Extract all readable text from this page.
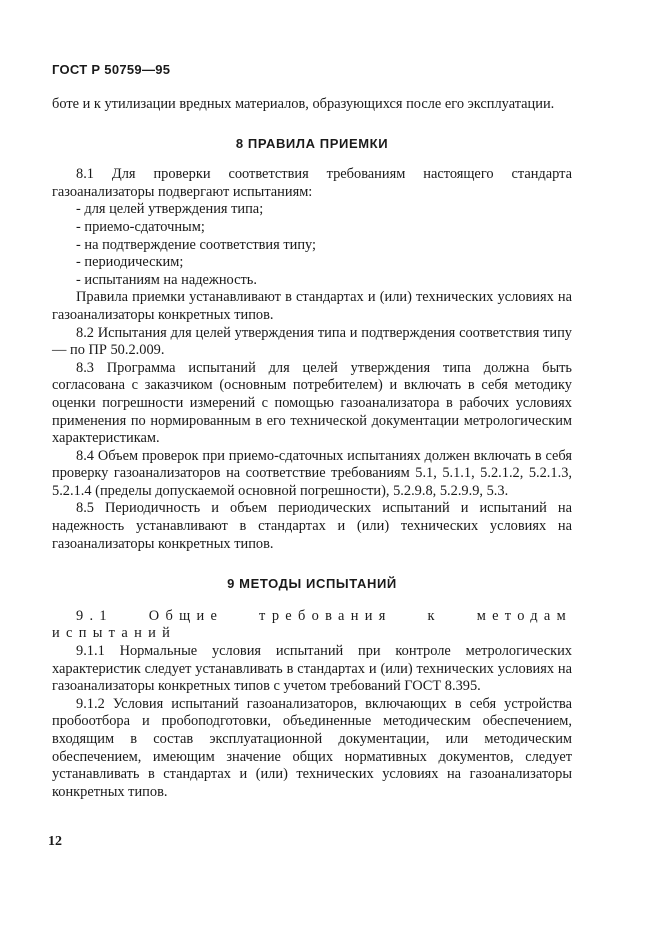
ГОСТ Р 50759—95

боте и к утилизации вредных материалов, образующихся после его эксплуатации.

8 ПРАВИЛА ПРИЕМКИ

8.1 Для проверки соответствия требованиям настоящего стандарта газоанализаторы подвергают испытаниям:

- для целей утверждения типа;

- приемо-сдаточным;

- на подтверждение соответствия типу;

- периодическим;

- испытаниям на надежность.

Правила приемки устанавливают в стандартах и (или) технических условиях на газоанализаторы конкретных типов.

8.2 Испытания для целей утверждения типа и подтверждения соответствия типу — по ПР 50.2.009.

8.3 Программа испытаний для целей утверждения типа должна быть согласована с заказчиком (основным потребителем) и включать в себя методику оценки погрешности измерений с помощью газоанализатора в рабочих условиях применения по нормированным в его технической документации метрологическим характеристикам.

8.4 Объем проверок при приемо-сдаточных испытаниях должен включать в себя проверку газоанализаторов на соответствие требованиям 5.1, 5.1.1, 5.2.1.2, 5.2.1.3, 5.2.1.4 (пределы допускаемой основной погрешности), 5.2.9.8, 5.2.9.9, 5.3.

8.5 Периодичность и объем периодических испытаний и испытаний на надежность устанавливают в стандартах и (или) технических условиях на газоанализаторы конкретных типов.

9 МЕТОДЫ ИСПЫТАНИЙ

9.1 Общие требования к методам испытаний

9.1.1 Нормальные условия испытаний при контроле метрологических характеристик следует устанавливать в стандартах и (или) технических условиях на газоанализаторы конкретных типов с учетом требований ГОСТ 8.395.

9.1.2 Условия испытаний газоанализаторов, включающих в себя устройства пробоотбора и пробоподготовки, объединенные методическим обеспечением, входящим в состав эксплуатационной документации, или методическим обеспечением, имеющим значение общих нормативных документов, следует устанавливать в стандартах и (или) технических условиях на газоанализаторы конкретных типов.

12
